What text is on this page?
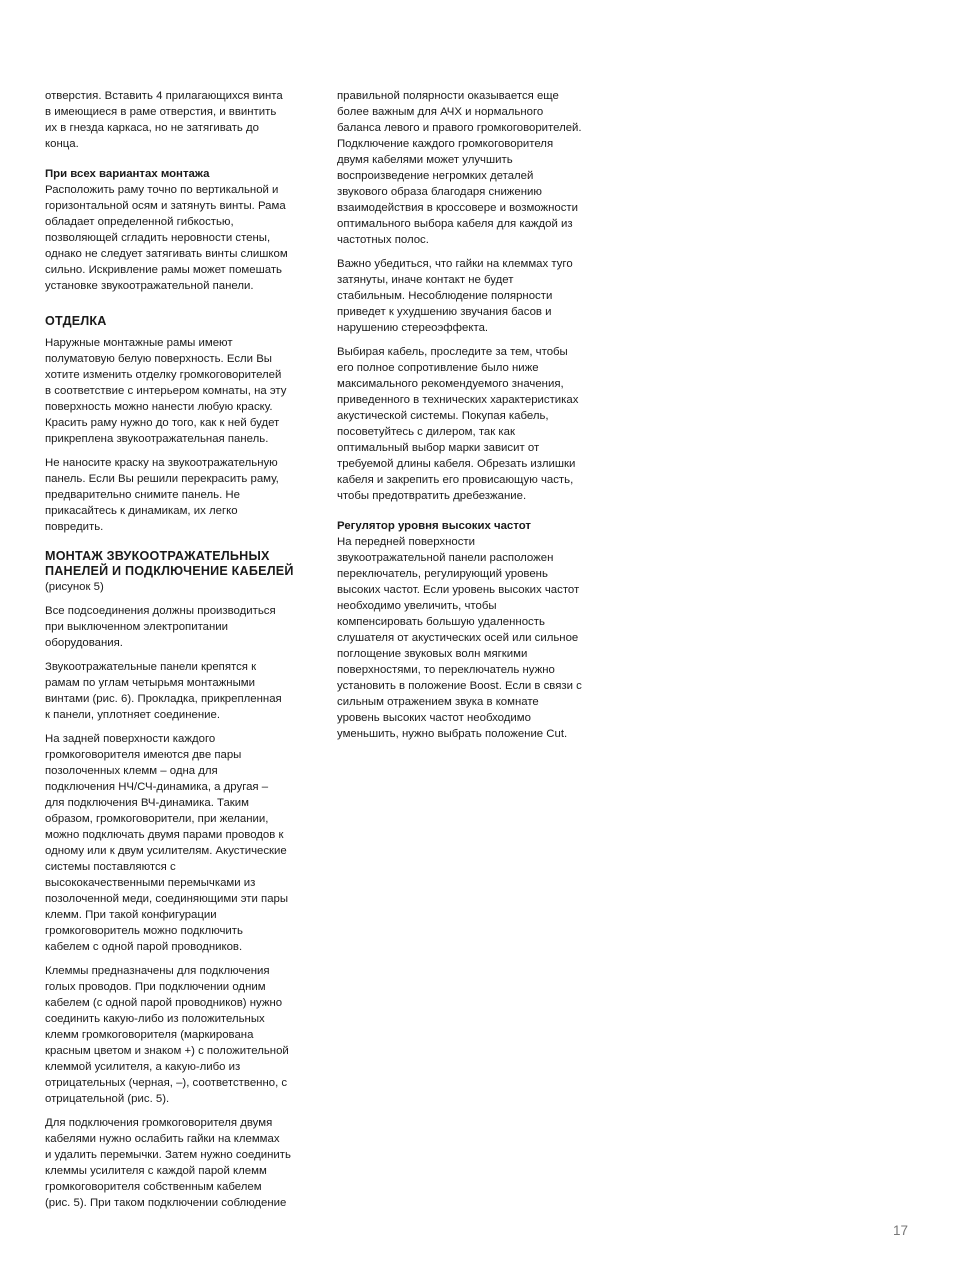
отверстия. Вставить 4 прилагающихся винта
в имеющиеся в раме отверстия, и ввинтить
их в гнезда каркаса, но не затягивать до
конца.

При всех вариантах монтажа
Расположить раму точно по вертикальной и
горизонтальной осям и затянуть винты. Рама
обладает определенной гибкостью,
позволяющей сгладить неровности стены,
однако не следует затягивать винты слишком
сильно. Искривление рамы может помешать
установке звукоотражательной панели.
ОТДЕЛКА

Наружные монтажные рамы имеют
полуматовую белую поверхность. Если Вы
хотите изменить отделку громкоговорителей
в соответствие с интерьером комнаты, на эту
поверхность можно нанести любую краску.
Красить раму нужно до того, как к ней будет
прикреплена звукоотражательная панель.

Не наносите краску на звукоотражательную
панель. Если Вы решили перекрасить раму,
предварительно снимите панель. Не
прикасайтесь к динамикам, их легко
повредить.

МОНТАЖ ЗВУКООТРАЖАТЕЛЬНЫХ
ПАНЕЛЕЙ И ПОДКЛЮЧЕНИЕ КАБЕЛЕЙ

(рисунок 5)

Все подсоединения должны производиться
при выключенном электропитании
оборудования.

Звукоотражательные панели крепятся к
рамам по углам четырьмя монтажными
винтами (рис. 6). Прокладка, прикрепленная
к панели, уплотняет соединение.

На задней поверхности каждого
громкоговорителя имеются две пары
позолоченных клемм – одна для
подключения НЧ/СЧ-динамика, а другая –
для подключения ВЧ-динамика. Таким
образом, громкоговорители, при желании,
можно подключать двумя парами проводов к
одному или к двум усилителям. Акустические
системы поставляются с
высококачественными перемычками из
позолоченной меди, соединяющими эти пары
клемм. При такой конфигурации
громкоговоритель можно подключить
кабелем с одной парой проводников.

Клеммы предназначены для подключения
голых проводов. При подключении одним
кабелем (с одной парой проводников) нужно
соединить какую-либо из положительных
клемм громкоговорителя (маркирована
красным цветом и знаком +) с положительной
клеммой усилителя, а какую-либо из
отрицательных (черная, –), соответственно, с
отрицательной (рис. 5).

Для подключения громкоговорителя двумя
кабелями нужно ослабить гайки на клеммах
и удалить перемычки. Затем нужно соединить
клеммы усилителя с каждой парой клемм
громкоговорителя собственным кабелем
(рис. 5). При таком подключении соблюдение

правильной полярности оказывается еще
более важным для АЧХ и нормального
баланса левого и правого громкоговорителей.
Подключение каждого громкоговорителя
двумя кабелями может улучшить
воспроизведение негромких деталей
звукового образа благодаря снижению
взаимодействия в кроссовере и возможности
оптимального выбора кабеля для каждой из
частотных полос.

Важно убедиться, что гайки на клеммах туго
затянуты, иначе контакт не будет
стабильным. Несоблюдение полярности
приведет к ухудшению звучания басов и
нарушению стереоэффекта.

Выбирая кабель, проследите за тем, чтобы
его полное сопротивление было ниже
максимального рекомендуемого значения,
приведенного в технических характеристиках
акустической системы. Покупая кабель,
посоветуйтесь с дилером, так как
оптимальный выбор марки зависит от
требуемой длины кабеля. Обрезать излишки
кабеля и закрепить его провисающую часть,
чтобы предотвратить дребезжание.

Регулятор уровня высоких частот
На передней поверхности
звукоотражательной панели расположен
переключатель, регулирующий уровень
высоких частот. Если уровень высоких частот
необходимо увеличить, чтобы
компенсировать большую удаленность
слушателя от акустических осей или сильное
поглощение звуковых волн мягкими
поверхностями, то переключатель нужно
установить в положение Boost. Если в связи с
сильным отражением звука в комнате
уровень высоких частот необходимо
уменьшить, нужно выбрать положение Cut.
17
